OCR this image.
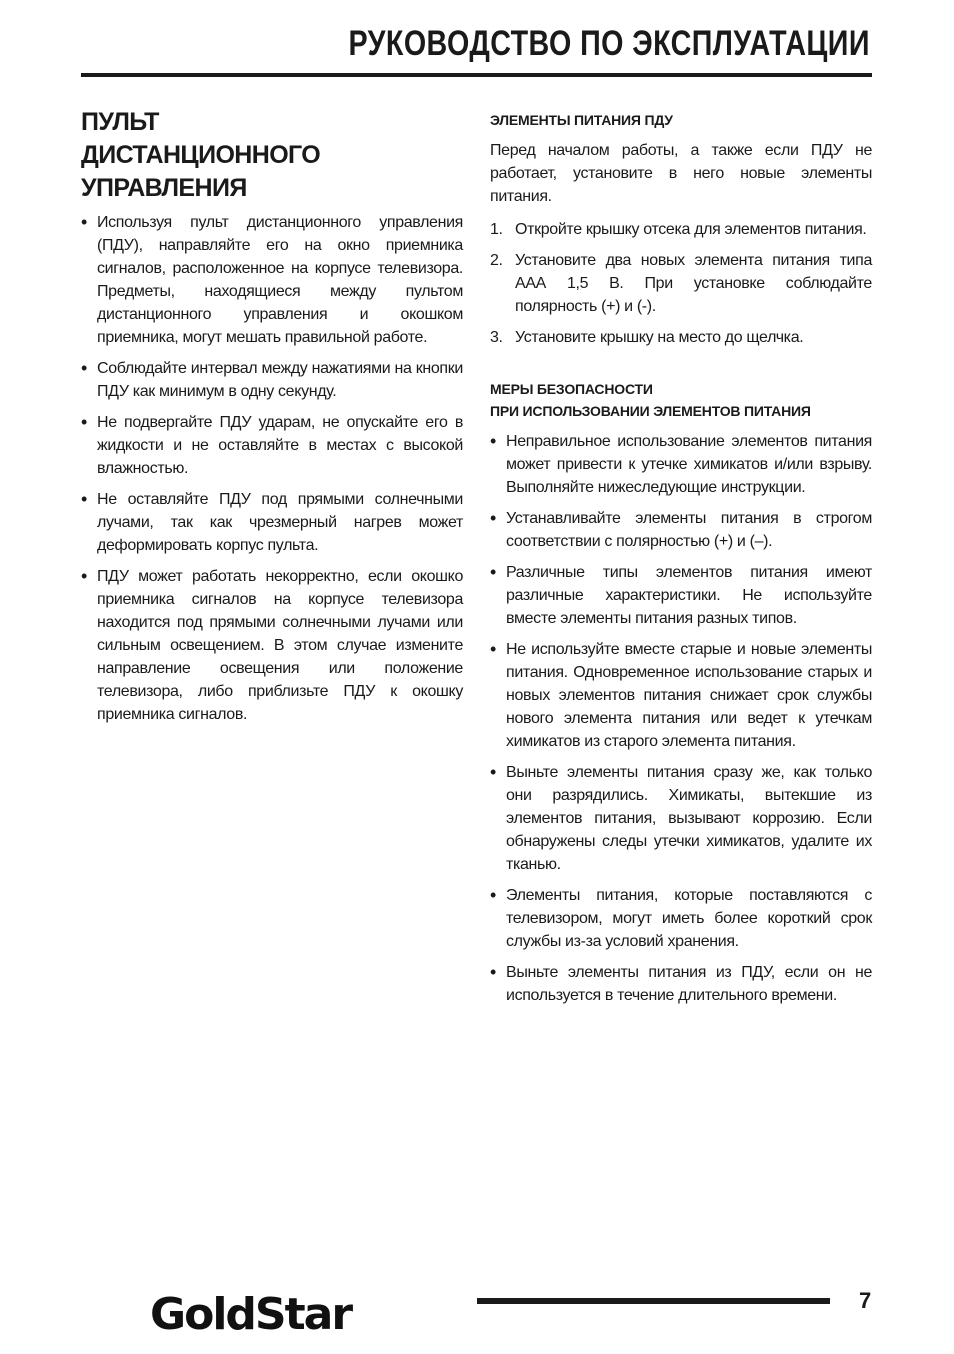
РУКОВОДСТВО ПО ЭКСПЛУАТАЦИИ
ПУЛЬТ
ДИСТАНЦИОННОГО УПРАВЛЕНИЯ
• Используя пульт дистанционного управления (ПДУ), направляйте его на окно приемника сигналов, расположенное на корпусе телевизора. Предметы, находящиеся между пультом дистанционного управления и окошком приемника, могут мешать правильной работе.
• Соблюдайте интервал между нажатиями на кнопки ПДУ как минимум в одну секунду.
• Не подвергайте ПДУ ударам, не опускайте его в жидкости и не оставляйте в местах с высокой влажностью.
• Не оставляйте ПДУ под прямыми солнечными лучами, так как чрезмерный нагрев может деформировать корпус пульта.
• ПДУ может работать некорректно, если окошко приемника сигналов на корпусе телевизора находится под прямыми солнечными лучами или сильным освещением. В этом случае измените направление освещения или положение телевизора, либо приблизьте ПДУ к окошку приемника сигналов.
ЭЛЕМЕНТЫ ПИТАНИЯ ПДУ

Перед началом работы, а также если ПДУ не работает, установите в него новые элементы питания.

1. Откройте крышку отсека для элементов питания.
2. Установите два новых элемента питания типа ААА 1,5 В. При установке соблюдайте полярность (+) и (-).
3. Установите крышку на место до щелчка.
МЕРЫ БЕЗОПАСНОСТИ
ПРИ ИСПОЛЬЗОВАНИИ ЭЛЕМЕНТОВ ПИТАНИЯ
• Неправильное использование элементов питания может привести к утечке химикатов и/или взрыву. Выполняйте нижеследующие инструкции.
• Устанавливайте элементы питания в строгом соответствии с полярностью (+) и (–).
• Различные типы элементов питания имеют различные характеристики. Не используйте вместе элементы питания разных типов.
• Не используйте вместе старые и новые элементы питания. Одновременное использование старых и новых элементов питания снижает срок службы нового элемента питания или ведет к утечкам химикатов из старого элемента питания.
• Выньте элементы питания сразу же, как только они разрядились. Химикаты, вытекшие из элементов питания, вызывают коррозию. Если обнаружены следы утечки химикатов, удалите их тканью.
• Элементы питания, которые поставляются с телевизором, могут иметь более короткий срок службы из-за условий хранения.
• Выньте элементы питания из ПДУ, если он не используется в течение длительного времени.
GoldStar	7
